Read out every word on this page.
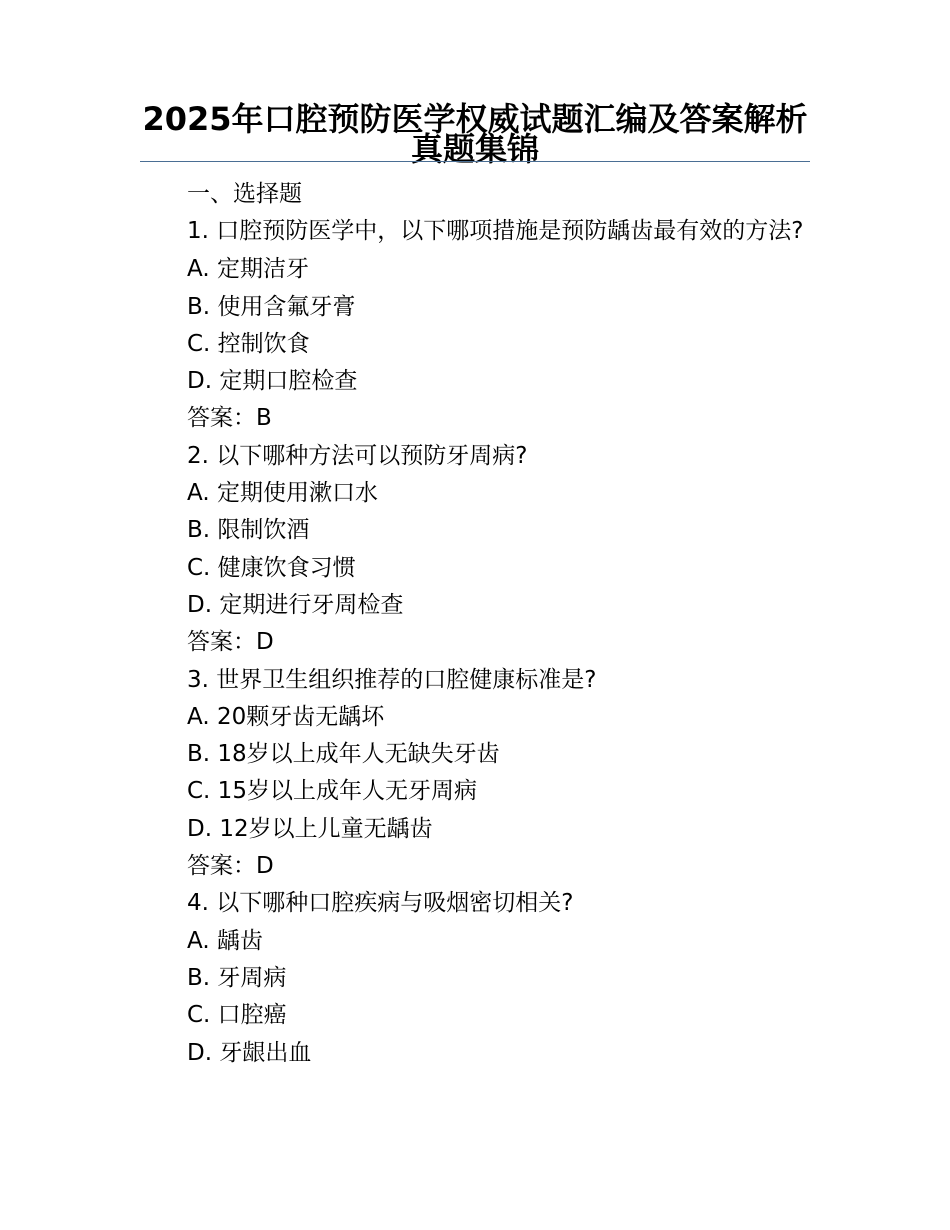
2025年口腔预防医学权威试题汇编及答案解析真题集锦

一、选择题

1. 口腔预防医学中，以下哪项措施是预防龋齿最有效的方法?

A. 定期洁牙

B. 使用含氟牙膏

C. 控制饮食

D. 定期口腔检查

答案：B

2. 以下哪种方法可以预防牙周病?

A. 定期使用漱口水

B. 限制饮酒

C. 健康饮食习惯

D. 定期进行牙周检查

答案：D

3. 世界卫生组织推荐的口腔健康标准是?

A. 20颗牙齿无龋坏

B. 18岁以上成年人无缺失牙齿

C. 15岁以上成年人无牙周病

D. 12岁以上儿童无龋齿

答案：D

4. 以下哪种口腔疾病与吸烟密切相关?

A. 龋齿

B. 牙周病

C. 口腔癌

D. 牙龈出血
